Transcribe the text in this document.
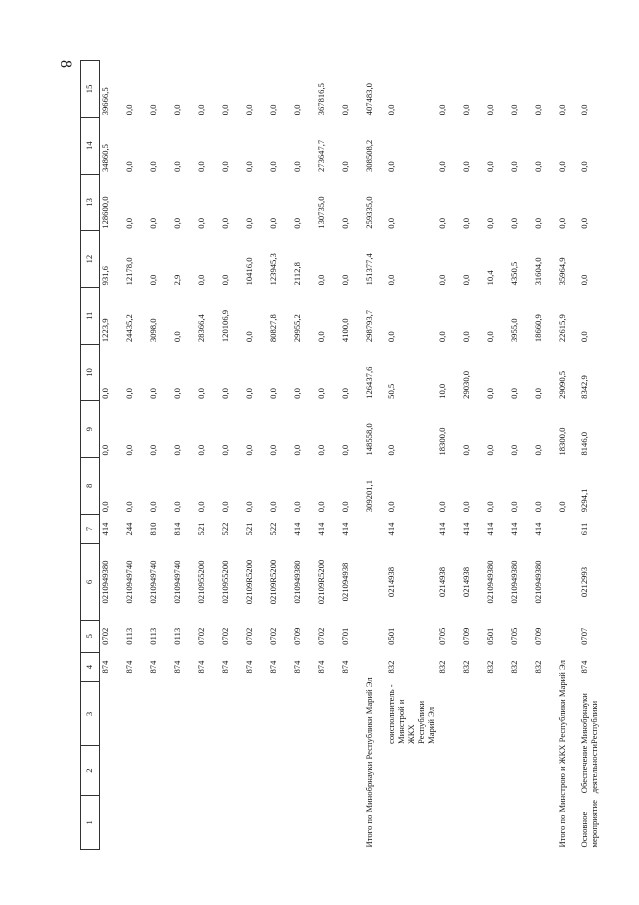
8
1	2	3	4	5	6	7	8	9	10	11	12	13	14	15
			874	0702	0210949380	414	0,0	0,0	0,0	1223,9	931,6	128600,0	34860,5	39666,5
			874	0113	0210949740	244	0,0	0,0	0,0	24435,2	12178,0	0,0	0,0	0,0
			874	0113	0210949740	810	0,0	0,0	0,0	3098,0	0,0	0,0	0,0	0,0
			874	0113	0210949740	814	0,0	0,0	0,0	0,0	2,9	0,0	0,0	0,0
			874	0702	0210955200	521	0,0	0,0	0,0	28366,4	0,0	0,0	0,0	0,0
			874	0702	0210955200	522	0,0	0,0	0,0	120106,9	0,0	0,0	0,0	0,0
			874	0702	02109R5200	521	0,0	0,0	0,0	0,0	10416,0	0,0	0,0	0,0
			874	0702	02109R5200	522	0,0	0,0	0,0	80827,8	123945,3	0,0	0,0	0,0
			874	0709	0210949380	414	0,0	0,0	0,0	29955,2	2112,8	0,0	0,0	0,0
			874	0702	02109R5200	414	0,0	0,0	0,0	0,0	0,0	130735,0	273647,7	367816,5
			874	0701	021094938	414	0,0	0,0	0,0	4100,0	0,0	0,0	0,0	0,0
Итого по Минобрнауки Республики Марий Эл							309201,1	148558,0	126437,6	298793,7	151377,4	259335,0	308508,2	407483,0
		соисполнитель - Минстрой и ЖКХ Республики Марий Эл	832	0501	0214938	414	0,0	0,0	50,5	0,0	0,0	0,0	0,0	0,0
			832	0705	0214938	414	0,0	18300,0	10,0	0,0	0,0	0,0	0,0	0,0
			832	0709	0214938	414	0,0	0,0	29030,0	0,0	0,0	0,0	0,0	0,0
			832	0501	0210949380	414	0,0	0,0	0,0	0,0	10,4	0,0	0,0	0,0
			832	0705	0210949380	414	0,0	0,0	0,0	3955,0	4350,5	0,0	0,0	0,0
			832	0709	0210949380	414	0,0	0,0	0,0	18660,9	31604,0	0,0	0,0	0,0
Итого по Минстрою и ЖКХ Республики Марий Эл							0,0	18300,0	29090,5	22615,9	35964,9	0,0	0,0	0,0
Основное мероприятие	Обеспечение деятельности	Минобрнауки Республики	874	0707	0212993	611	9294,1	8146,0	8342,9	0,0	0,0	0,0	0,0	0,0
